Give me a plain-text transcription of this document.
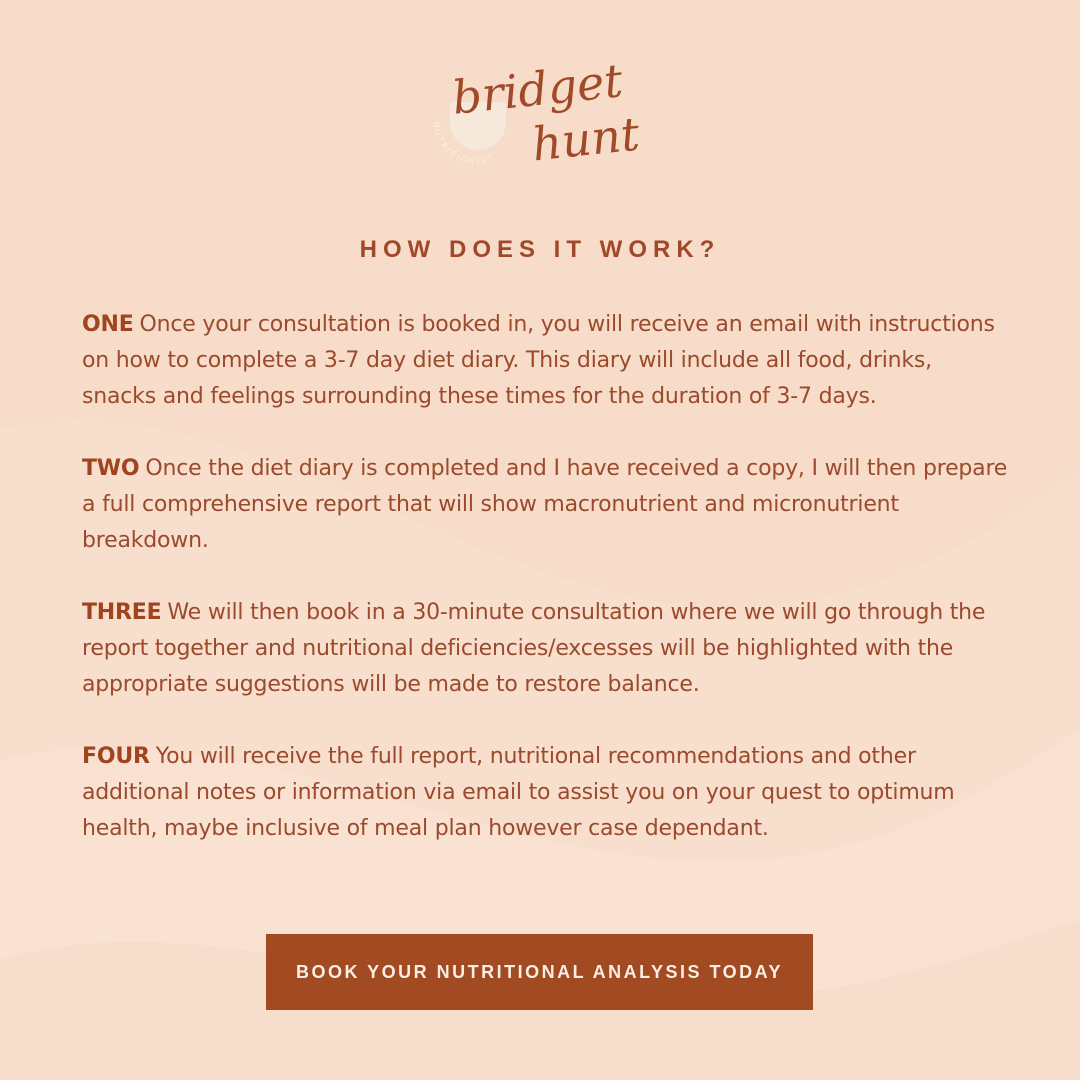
NUTRITIONIST
bridget
hunt
HOW DOES IT WORK?

ONE Once your consultation is booked in, you will receive an email with instructions on how to complete a 3-7 day diet diary. This diary will include all food, drinks, snacks and feelings surrounding these times for the duration of 3-7 days.

TWO Once the diet diary is completed and I have received a copy, I will then prepare a full comprehensive report that will show macronutrient and micronutrient breakdown.

THREE We will then book in a 30-minute consultation where we will go through the report together and nutritional deficiencies/excesses will be highlighted with the appropriate suggestions will be made to restore balance.

FOUR You will receive the full report, nutritional recommendations and other additional notes or information via email to assist you on your quest to optimum health, maybe inclusive of meal plan however case dependant.

BOOK YOUR NUTRITIONAL ANALYSIS TODAY
